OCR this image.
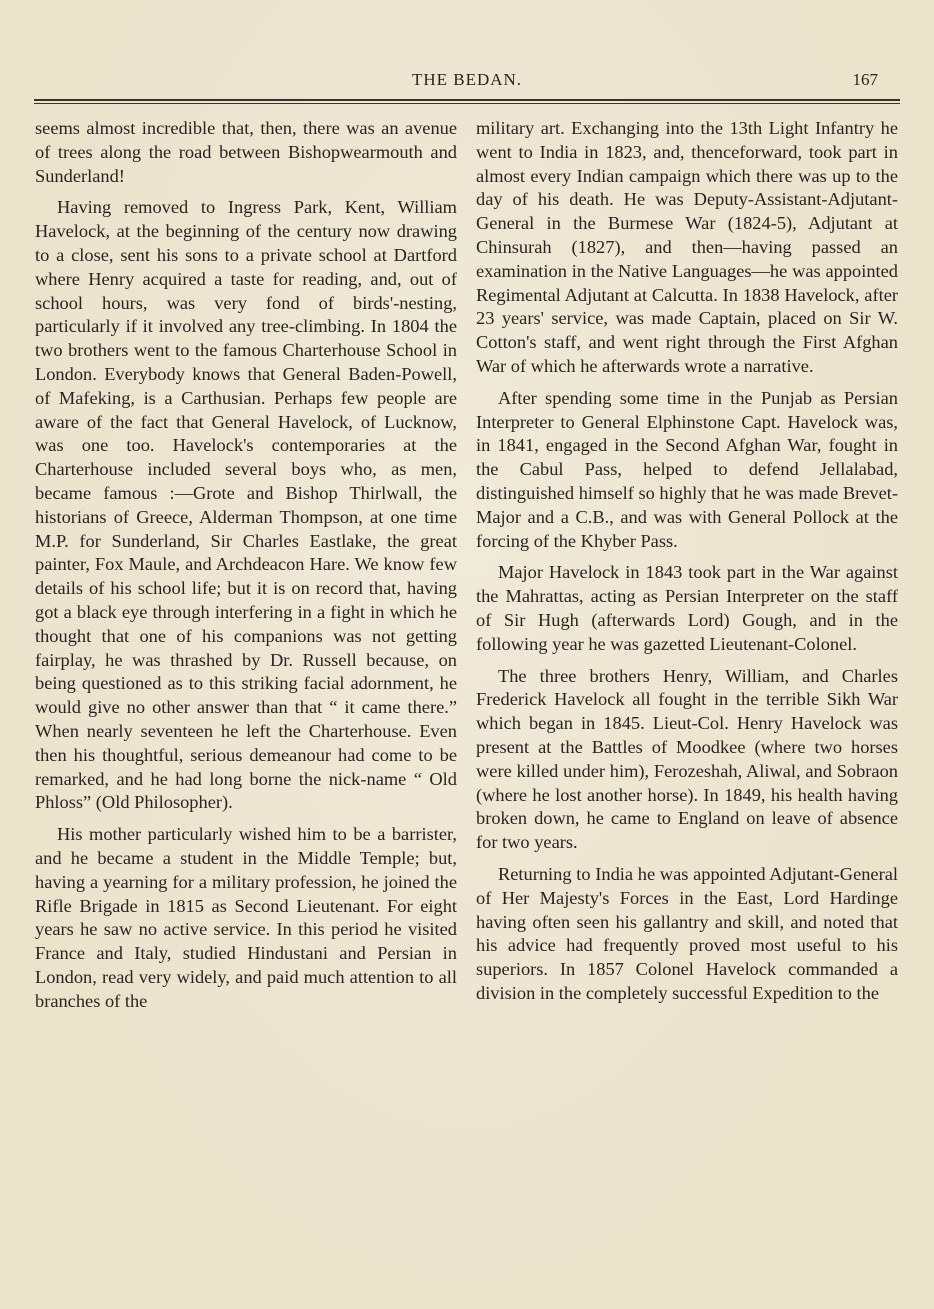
THE BEDAN.	167

seems almost incredible that, then, there was an avenue of trees along the road between Bishopwearmouth and Sunderland!

Having removed to Ingress Park, Kent, William Havelock, at the beginning of the century now drawing to a close, sent his sons to a private school at Dartford where Henry acquired a taste for reading, and, out of school hours, was very fond of birds'-nesting, particularly if it involved any tree-climbing. In 1804 the two brothers went to the famous Charterhouse School in London. Everybody knows that General Baden-Powell, of Mafeking, is a Carthusian. Perhaps few people are aware of the fact that General Havelock, of Lucknow, was one too. Havelock's contemporaries at the Charterhouse included several boys who, as men, became famous :—Grote and Bishop Thirlwall, the historians of Greece, Alderman Thompson, at one time M.P. for Sunderland, Sir Charles Eastlake, the great painter, Fox Maule, and Archdeacon Hare. We know few details of his school life; but it is on record that, having got a black eye through interfering in a fight in which he thought that one of his companions was not getting fairplay, he was thrashed by Dr. Russell because, on being questioned as to this striking facial adornment, he would give no other answer than that “ it came there.” When nearly seventeen he left the Charterhouse. Even then his thoughtful, serious demeanour had come to be remarked, and he had long borne the nick-name “ Old Phloss” (Old Philosopher).

His mother particularly wished him to be a barrister, and he became a student in the Middle Temple; but, having a yearning for a military profession, he joined the Rifle Brigade in 1815 as Second Lieutenant. For eight years he saw no active service. In this period he visited France and Italy, studied Hindustani and Persian in London, read very widely, and paid much attention to all branches of the

military art. Exchanging into the 13th Light Infantry he went to India in 1823, and, thenceforward, took part in almost every Indian campaign which there was up to the day of his death. He was Deputy-Assistant-Adjutant-General in the Burmese War (1824-5), Adjutant at Chinsurah (1827), and then—having passed an examination in the Native Languages—he was appointed Regimental Adjutant at Calcutta. In 1838 Havelock, after 23 years' service, was made Captain, placed on Sir W. Cotton's staff, and went right through the First Afghan War of which he afterwards wrote a narrative.

After spending some time in the Punjab as Persian Interpreter to General Elphinstone Capt. Havelock was, in 1841, engaged in the Second Afghan War, fought in the Cabul Pass, helped to defend Jellalabad, distinguished himself so highly that he was made Brevet-Major and a C.B., and was with General Pollock at the forcing of the Khyber Pass.

Major Havelock in 1843 took part in the War against the Mahrattas, acting as Persian Interpreter on the staff of Sir Hugh (afterwards Lord) Gough, and in the following year he was gazetted Lieutenant-Colonel.

The three brothers Henry, William, and Charles Frederick Havelock all fought in the terrible Sikh War which began in 1845. Lieut-Col. Henry Havelock was present at the Battles of Moodkee (where two horses were killed under him), Ferozeshah, Aliwal, and Sobraon (where he lost another horse). In 1849, his health having broken down, he came to England on leave of absence for two years.

Returning to India he was appointed Adjutant-General of Her Majesty's Forces in the East, Lord Hardinge having often seen his gallantry and skill, and noted that his advice had frequently proved most useful to his superiors. In 1857 Colonel Havelock commanded a division in the completely successful Expedition to the
